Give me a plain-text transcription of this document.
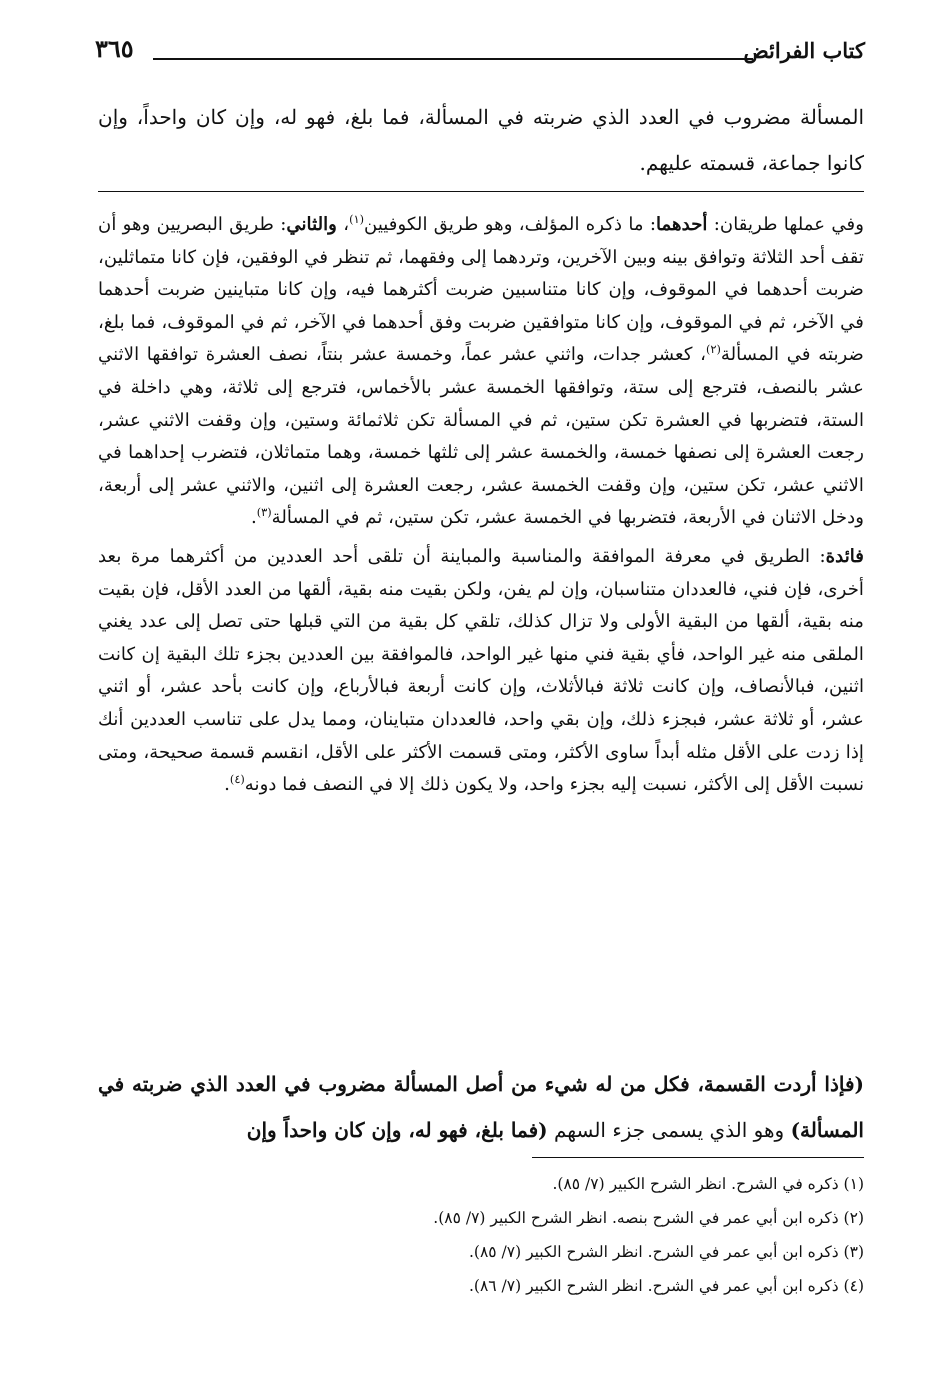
كتاب الفرائض
٣٦٥
المسألة مضروب في العدد الذي ضربته في المسألة، فما بلغ، فهو له، وإن كان واحداً، وإن كانوا جماعة، قسمته عليهم.

وفي عملها طريقان: أحدهما: ما ذكره المؤلف، وهو طريق الكوفيين$^{(١)}$، والثاني: طريق البصريين وهو أن تقف أحد الثلاثة وتوافق بينه وبين الآخرين، وتردهما إلى وفقهما، ثم تنظر في الوفقين، فإن كانا متماثلين، ضربت أحدهما في الموقوف، وإن كانا متناسبين ضربت أكثرهما فيه، وإن كانا متباينين ضربت أحدهما في الآخر، ثم في الموقوف، وإن كانا متوافقين ضربت وفق أحدهما في الآخر، ثم في الموقوف، فما بلغ، ضربته في المسألة$^{(٢)}$، كعشر جدات، واثني عشر عماً، وخمسة عشر بنتاً، نصف العشرة توافقها الاثني عشر بالنصف، فترجع إلى ستة، وتوافقها الخمسة عشر بالأخماس، فترجع إلى ثلاثة، وهي داخلة في الستة، فتضربها في العشرة تكن ستين، ثم في المسألة تكن ثلاثمائة وستين، وإن وقفت الاثني عشر، رجعت العشرة إلى نصفها خمسة، والخمسة عشر إلى ثلثها خمسة، وهما متماثلان، فتضرب إحداهما في الاثني عشر، تكن ستين، وإن وقفت الخمسة عشر، رجعت العشرة إلى اثنين، والاثني عشر إلى أربعة، ودخل الاثنان في الأربعة، فتضربها في الخمسة عشر، تكن ستين، ثم في المسألة$^{(٣)}$.

فائدة: الطريق في معرفة الموافقة والمناسبة والمباينة أن تلقى أحد العددين من أكثرهما مرة بعد أخرى، فإن فني، فالعددان متناسبان، وإن لم يفن، ولكن بقيت منه بقية، ألقها من العدد الأقل، فإن بقيت منه بقية، ألقها من البقية الأولى ولا تزال كذلك، تلقي كل بقية من التي قبلها حتى تصل إلى عدد يغني الملقى منه غير الواحد، فأي بقية فني منها غير الواحد، فالموافقة بين العددين بجزء تلك البقية إن كانت اثنين، فبالأنصاف، وإن كانت ثلاثة فبالأثلاث، وإن كانت أربعة فبالأرباع، وإن كانت بأحد عشر، أو اثني عشر، أو ثلاثة عشر، فبجزء ذلك، وإن بقي واحد، فالعددان متباينان، ومما يدل على تناسب العددين أنك إذا زدت على الأقل مثله أبداً ساوى الأكثر، ومتى قسمت الأكثر على الأقل، انقسم قسمة صحيحة، ومتى نسبت الأقل إلى الأكثر، نسبت إليه بجزء واحد، ولا يكون ذلك إلا في النصف فما دونه$^{(٤)}$.

(فإذا أردت القسمة، فكل من له شيء من أصل المسألة مضروب في العدد الذي ضربته في المسألة) وهو الذي يسمى جزء السهم (فما بلغ، فهو له، وإن كان واحداً وإن
(١) ذكره في الشرح. انظر الشرح الكبير (٧/ ٨٥).
(٢) ذكره ابن أبي عمر في الشرح بنصه. انظر الشرح الكبير (٧/ ٨٥).
(٣) ذكره ابن أبي عمر في الشرح. انظر الشرح الكبير (٧/ ٨٥).
(٤) ذكره ابن أبي عمر في الشرح. انظر الشرح الكبير (٧/ ٨٦).
